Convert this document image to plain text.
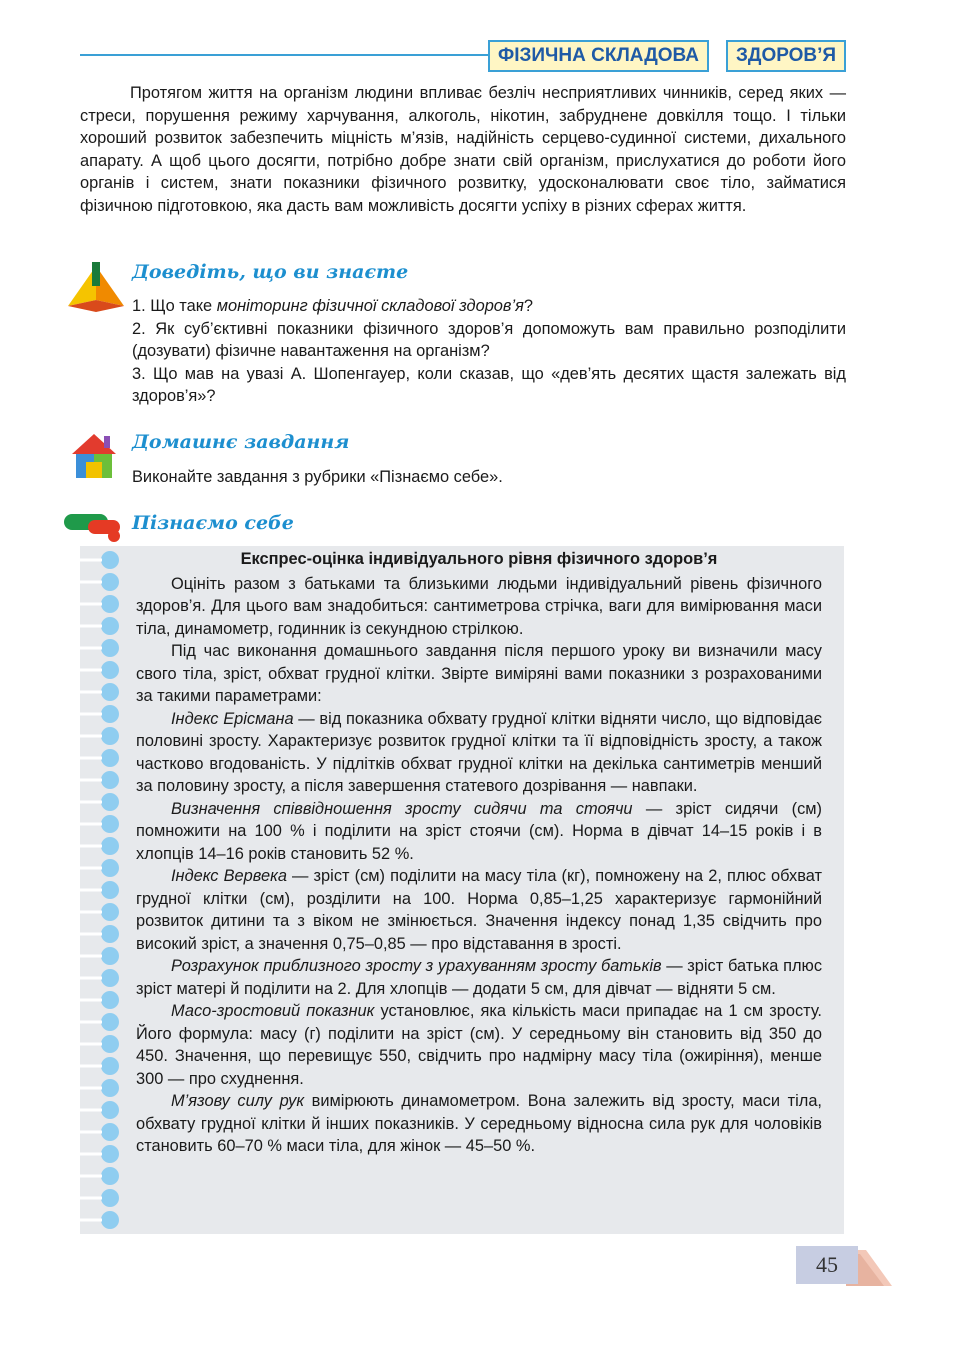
ФІЗИЧНА СКЛАДОВА	ЗДОРОВ’Я

Протягом життя на організм людини впливає безліч несприятливих чинників, серед яких — стреси, порушення режиму харчування, алкоголь, нікотин, забруднене довкілля тощо. І тільки хороший розвиток забезпечить міцність м’язів, надійність серцево-судинної системи, дихального апарату. А щоб цього досягти, потрібно добре знати свій організм, прислухатися до роботи його органів і систем, знати показники фізичного розвитку, удосконалювати своє тіло, займатися фізичною підготовкою, яка дасть вам можливість досягти успіху в різних сферах життя.

Доведіть, що ви знаєте

1. Що таке моніторинг фізичної складової здоров’я?

2. Як суб’єктивні показники фізичного здоров’я допоможуть вам правильно розподілити (дозувати) фізичне навантаження на організм?

3. Що мав на увазі А. Шопенгауер, коли сказав, що «дев’ять десятих щастя залежать від здоров’я»?

Домашнє завдання

Виконайте завдання з рубрики «Пізнаємо себе».

Пізнаємо себе
Експрес-оцінка індивідуального рівня фізичного здоров’я

Оцініть разом з батьками та близькими людьми індивідуальний рівень фізичного здоров’я. Для цього вам знадобиться: сантиметрова стрічка, ваги для вимірювання маси тіла, динамометр, годинник із секундною стрілкою.

Під час виконання домашнього завдання після першого уроку ви визначили масу свого тіла, зріст, обхват грудної клітки. Звірте виміряні вами показники з розрахованими за такими параметрами:

Індекс Ерісмана — від показника обхвату грудної клітки відняти число, що відповідає половині зросту. Характеризує розвиток грудної клітки та її відповідність зросту, а також частково вгодованість. У підлітків обхват грудної клітки на декілька сантиметрів менший за половину зросту, а після завершення статевого дозрівання — навпаки.

Визначення співвідношення зросту сидячи та стоячи — зріст сидячи (см) помножити на 100 % і поділити на зріст стоячи (см). Норма в дівчат 14–15 років і в хлопців 14–16 років становить 52 %.

Індекс Вервека — зріст (см) поділити на масу тіла (кг), помножену на 2, плюс обхват грудної клітки (см), розділити на 100. Норма 0,85–1,25 характеризує гармонійний розвиток дитини та з віком не змінюється. Значення індексу понад 1,35 свідчить про високий зріст, а значення 0,75–0,85 — про відставання в зрості.

Розрахунок приблизного зросту з урахуванням зросту батьків — зріст батька плюс зріст матері й поділити на 2. Для хлопців — додати 5 см, для дівчат — відняти 5 см.

Масо-зростовий показник установлює, яка кількість маси припадає на 1 см зросту. Його формула: масу (г) поділити на зріст (см). У середньому він становить від 350 до 450. Значення, що перевищує 550, свідчить про надмірну масу тіла (ожиріння), менше 300 — про схуднення.

М’язову силу рук вимірюють динамометром. Вона залежить від зросту, маси тіла, обхвату грудної клітки й інших показників. У середньому відносна сила рук для чоловіків становить 60–70 % маси тіла, для жінок — 45–50 %.

45
